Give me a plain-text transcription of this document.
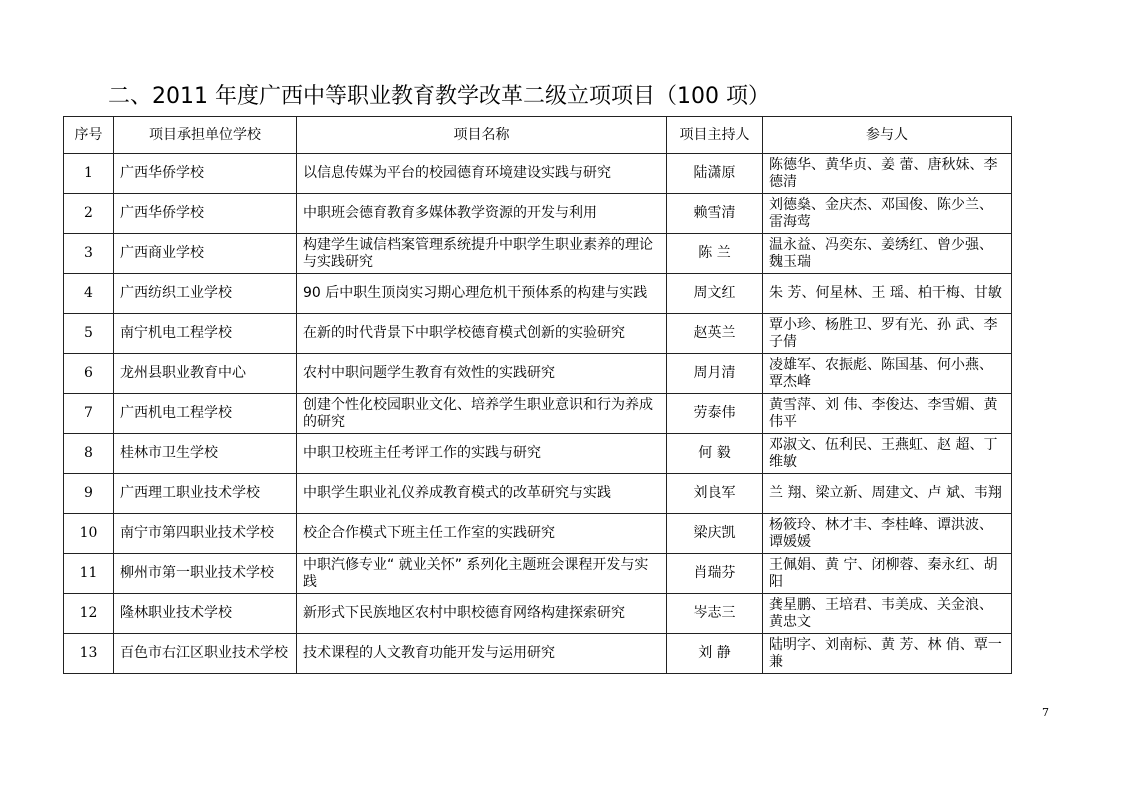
二、2011 年度广西中等职业教育教学改革二级立项项目（100 项）
序号	项目承担单位学校	项目名称	项目主持人	参与人
1	广西华侨学校	以信息传媒为平台的校园德育环境建设实践与研究	陆潇原	陈德华、黄华贞、姜 蕾、唐秋妹、李德清
2	广西华侨学校	中职班会德育教育多媒体教学资源的开发与利用	赖雪清	刘德燊、金庆杰、邓国俊、陈少兰、雷海莺
3	广西商业学校	构建学生诚信档案管理系统提升中职学生职业素养的理论与实践研究	陈 兰	温永益、冯奕东、姜绣红、曾少强、魏玉瑞
4	广西纺织工业学校	90 后中职生顶岗实习期心理危机干预体系的构建与实践	周文红	朱 芳、何星林、王 瑶、柏干梅、甘敏
5	南宁机电工程学校	在新的时代背景下中职学校德育模式创新的实验研究	赵英兰	覃小珍、杨胜卫、罗有光、孙 武、李子倩
6	龙州县职业教育中心	农村中职问题学生教育有效性的实践研究	周月清	凌雄军、农振彪、陈国基、何小燕、覃杰峰
7	广西机电工程学校	创建个性化校园职业文化、培养学生职业意识和行为养成的研究	劳泰伟	黄雪萍、刘 伟、李俊达、李雪媚、黄伟平
8	桂林市卫生学校	中职卫校班主任考评工作的实践与研究	何 毅	邓淑文、伍利民、王燕虹、赵 超、丁维敏
9	广西理工职业技术学校	中职学生职业礼仪养成教育模式的改革研究与实践	刘良军	兰 翔、梁立新、周建文、卢 斌、韦翔
10	南宁市第四职业技术学校	校企合作模式下班主任工作室的实践研究	梁庆凯	杨筱玲、林才丰、李桂峰、谭洪波、谭媛媛
11	柳州市第一职业技术学校	中职汽修专业“ 就业关怀” 系列化主题班会课程开发与实践	肖瑞芬	王佩娟、黄 宁、闭柳蓉、秦永红、胡 阳
12	隆林职业技术学校	新形式下民族地区农村中职校德育网络构建探索研究	岑志三	龚星鹏、王培君、韦美成、关金浪、黄忠文
13	百色市右江区职业技术学校	技术课程的人文教育功能开发与运用研究	刘 静	陆明字、刘南标、黄 芳、林 俏、覃一兼
7
